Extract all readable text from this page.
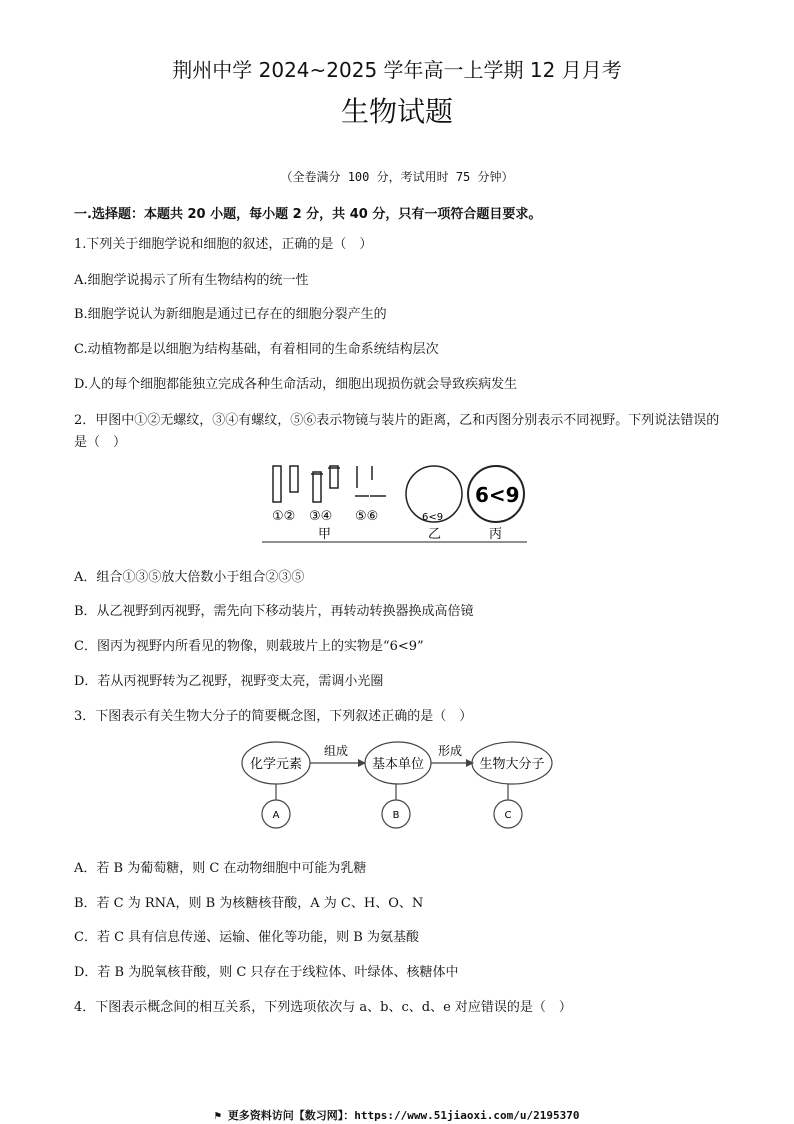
荆州中学 2024~2025 学年高一上学期 12 月月考
生物试题
（全卷满分 100 分，考试用时 75 分钟）
一.选择题：本题共 20 小题，每小题 2 分，共 40 分，只有一项符合题目要求。
1.下列关于细胞学说和细胞的叙述，正确的是（　）
A.细胞学说揭示了所有生物结构的统一性
B.细胞学说认为新细胞是通过已存在的细胞分裂产生的
C.动植物都是以细胞为结构基础，有着相同的生命系统结构层次
D.人的每个细胞都能独立完成各种生命活动，细胞出现损伤就会导致疾病发生
2．甲图中①②无螺纹，③④有螺纹，⑤⑥表示物镜与装片的距离，乙和丙图分别表示不同视野。下列说法错误的是（　）
①② ③④ ⑤⑥
甲
6<9
乙
6<9
丙
A．组合①③⑤放大倍数小于组合②③⑤
B．从乙视野到丙视野，需先向下移动装片，再转动转换器换成高倍镜
C．图丙为视野内所看见的物像，则载玻片上的实物是“6<9”
D．若从丙视野转为乙视野，视野变太亮，需调小光圈
3．下图表示有关生物大分子的简要概念图，下列叙述正确的是（　）
化学元素
组成
基本单位
形成
生物大分子
A	B	C
A．若 B 为葡萄糖，则 C 在动物细胞中可能为乳糖
B．若 C 为 RNA，则 B 为核糖核苷酸，A 为 C、H、O、N
C．若 C 具有信息传递、运输、催化等功能，则 B 为氨基酸
D．若 B 为脱氧核苷酸，则 C 只存在于线粒体、叶绿体、核糖体中
4．下图表示概念间的相互关系，下列选项依次与 a、b、c、d、e 对应错误的是（　）
⚑ 更多资料访问【数习网】：https://www.51jiaoxi.com/u/2195370
